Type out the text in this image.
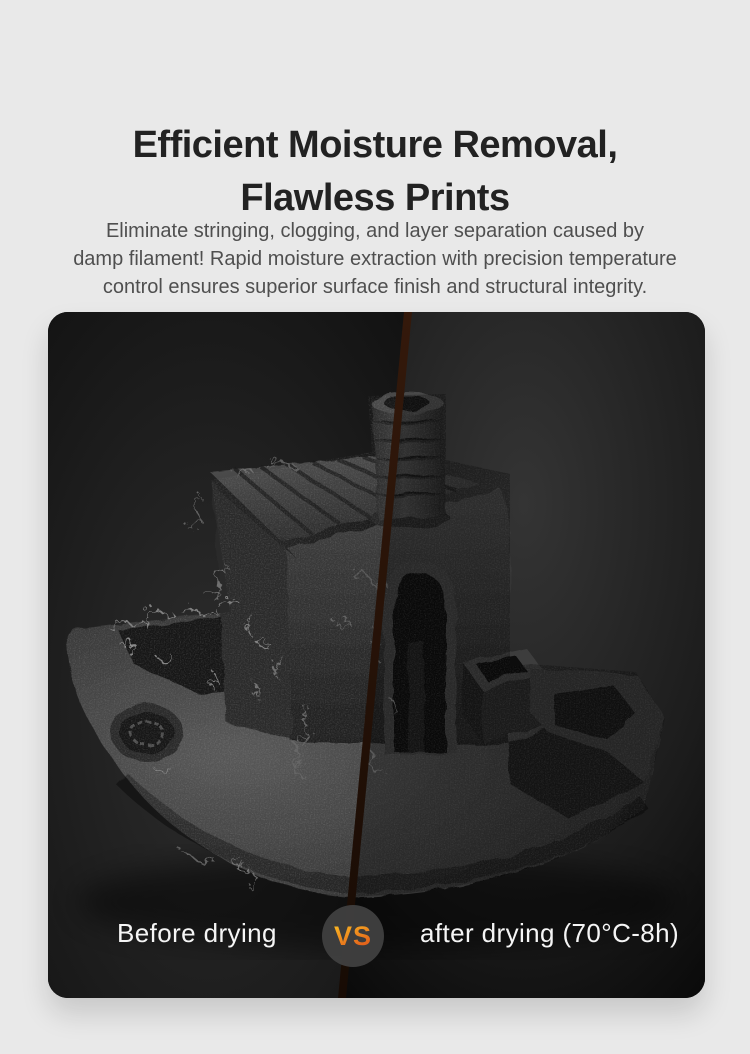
Efficient Moisture Removal,
Flawless Prints
Eliminate stringing, clogging, and layer separation caused by
damp filament! Rapid moisture extraction with precision temperature
control ensures superior surface finish and structural integrity.
Before drying VS after drying (70°C-8h)
